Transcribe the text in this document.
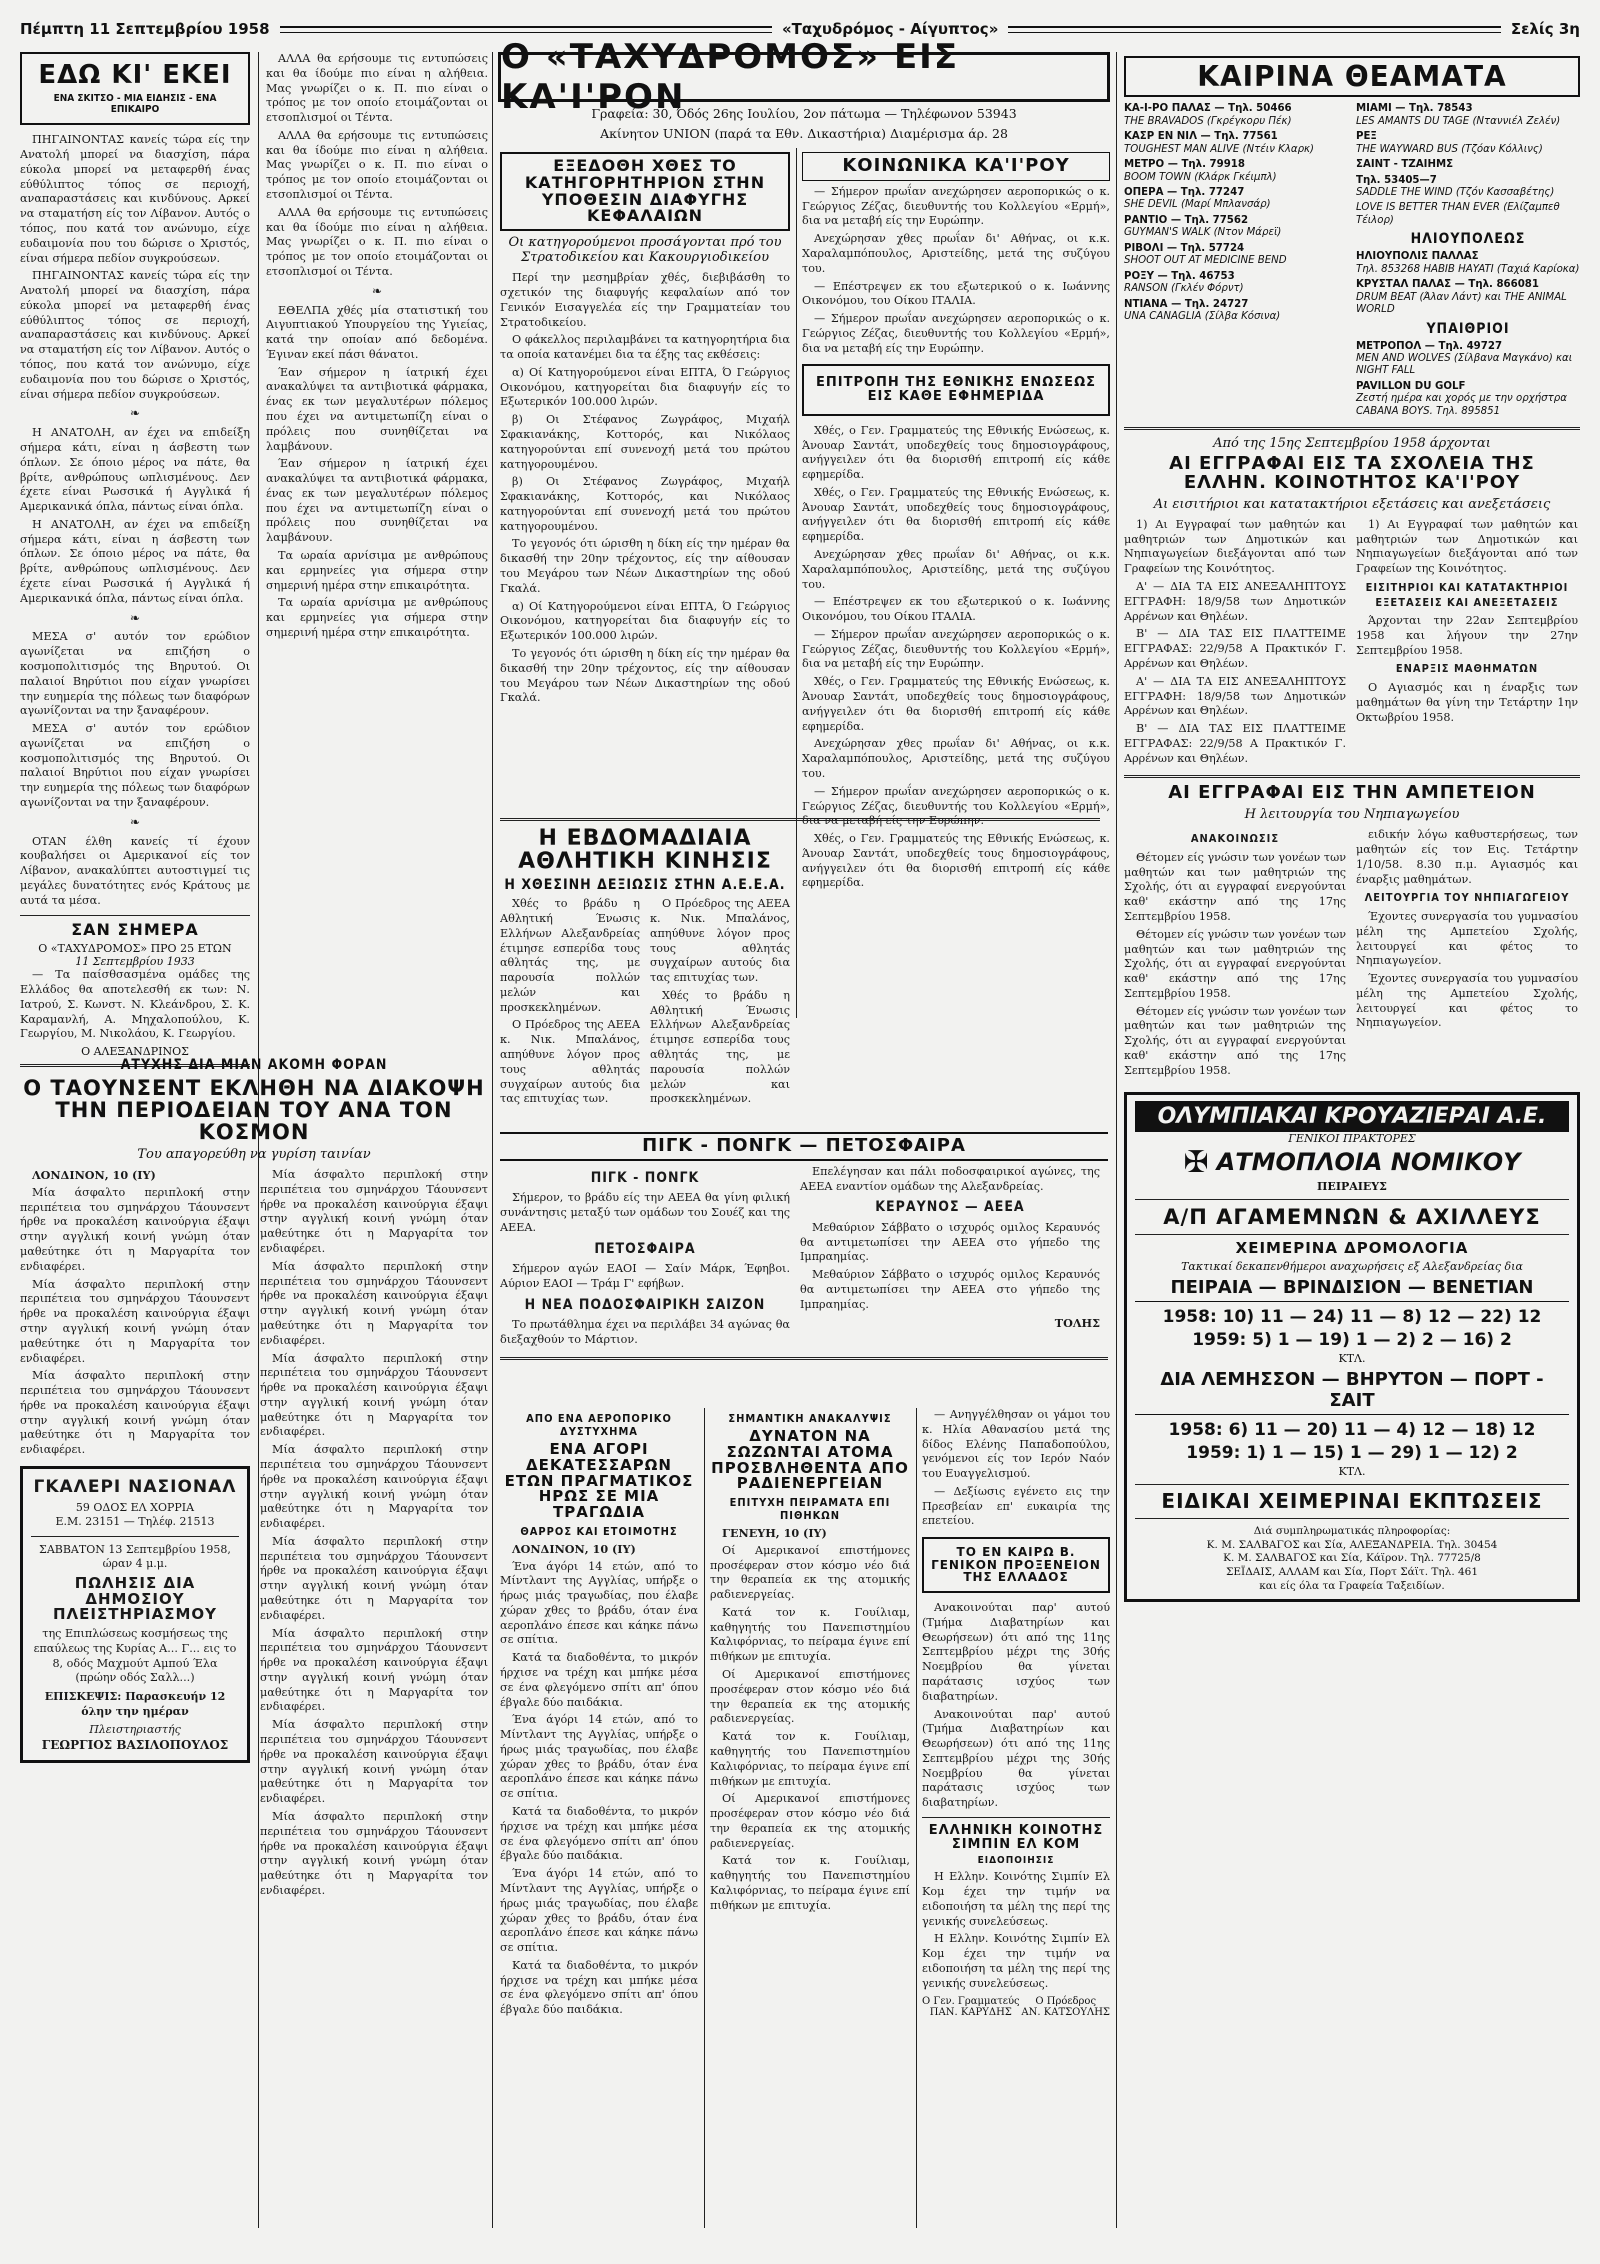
Πέμπτη 11 Σεπτεμβρίου 1958	«Ταχυδρόμος - Αίγυπτος»	Σελίς 3η
ΕΔΩ ΚΙ' ΕΚΕΙ
ΕΝΑ ΣΚΙΤΣΟ - ΜΙΑ ΕΙΔΗΣΙΣ - ΕΝΑ ΕΠΙΚΑΙΡΟ

ΠΗΓΑΙΝΟΝΤΑΣ κανείς τώρα είς την Ανατολή μπορεί να διασχίση, πάρα εύκολα μπορεί να μεταφερθή ένας εύθύλιπτος τόπος σε περιοχή, αναπαραστάσεις και κινδύνους. Αρκεί να σταματήση είς τον Λίβανον. Αυτός ο τόπος, που κατά τον ανώνυμο, είχε ευδαιμονία που του δώρισε ο Χριστός, είναι σήμερα πεδίον συγκρούσεων.

ΠΗΓΑΙΝΟΝΤΑΣ κανείς τώρα είς την Ανατολή μπορεί να διασχίση, πάρα εύκολα μπορεί να μεταφερθή ένας εύθύλιπτος τόπος σε περιοχή, αναπαραστάσεις και κινδύνους. Αρκεί να σταματήση είς τον Λίβανον. Αυτός ο τόπος, που κατά τον ανώνυμο, είχε ευδαιμονία που του δώρισε ο Χριστός, είναι σήμερα πεδίον συγκρούσεων.

❧

Η ΑΝΑΤΟΛΗ, αν έχει να επιδείξη σήμερα κάτι, είναι η άσβεστη των όπλων. Σε όποιο μέρος να πάτε, θα βρίτε, ανθρώπους ωπλισμένους. Δεν έχετε είναι Ρωσσικά ή Αγγλικά ή Αμερικανικά όπλα, πάντως είναι όπλα.

Η ΑΝΑΤΟΛΗ, αν έχει να επιδείξη σήμερα κάτι, είναι η άσβεστη των όπλων. Σε όποιο μέρος να πάτε, θα βρίτε, ανθρώπους ωπλισμένους. Δεν έχετε είναι Ρωσσικά ή Αγγλικά ή Αμερικανικά όπλα, πάντως είναι όπλα.

❧

ΜΕΣΑ σ' αυτόν τον ερώδιον αγωνίζεται να επιζήση ο κοσμοπολιτισμός της Βηρυτού. Οι παλαιοί Βηρύτιοι που είχαν γνωρίσει την ευημερία της πόλεως των διαφόρων αγωνίζονται να την ξαναφέρουν.

ΜΕΣΑ σ' αυτόν τον ερώδιον αγωνίζεται να επιζήση ο κοσμοπολιτισμός της Βηρυτού. Οι παλαιοί Βηρύτιοι που είχαν γνωρίσει την ευημερία της πόλεως των διαφόρων αγωνίζονται να την ξαναφέρουν.

❧

ΟΤΑΝ έλθη κανείς τί έχουν κουβαλήσει οι Αμερικανοί είς τον Λίβανον, ανακαλύπτει αυτοστιγμεί τις μεγάλες δυνατότητες ενός Κράτους με αυτά τα μέσα.

ΣΑΝ ΣΗΜΕΡΑ
Ο «ΤΑΧΥΔΡΟΜΟΣ» ΠΡΟ 25 ΕΤΩΝ
11 Σεπτεμβρίου 1933

— Τα παίσθσασμένα ομάδες της Ελλάδος θα αποτελεσθή εκ των: Ν. Ιατρού, Σ. Κωνστ. Ν. Κλεάνδρου, Σ. Κ. Καραμανλή, Α. Μηχαλοπούλου, Κ. Γεωργίου, Μ. Νικολάου, Κ. Γεωργίου.

Ο ΑΛΕΞΑΝΔΡΙΝΟΣ

ΑΛΛΑ θα ερήσουμε τις εντυπώσεις και θα ίδούμε πιο είναι η αλήθεια. Μας γνωρίζει ο κ. Π. πιο είναι ο τρόπος με τον οποίο ετοιμάζονται οι ετσοπλισμοί οι Τέντα.

ΑΛΛΑ θα ερήσουμε τις εντυπώσεις και θα ίδούμε πιο είναι η αλήθεια. Μας γνωρίζει ο κ. Π. πιο είναι ο τρόπος με τον οποίο ετοιμάζονται οι ετσοπλισμοί οι Τέντα.

ΑΛΛΑ θα ερήσουμε τις εντυπώσεις και θα ίδούμε πιο είναι η αλήθεια. Μας γνωρίζει ο κ. Π. πιο είναι ο τρόπος με τον οποίο ετοιμάζονται οι ετσοπλισμοί οι Τέντα.

❧

ΕΘΕΛΠΑ χθές μία στατιστική του Αιγυπτιακού Υπουργείου της Υγιείας, κατά την οποίαν από δεδομένα. Έγιναν εκεί πάσι θάνατοι.

Έαν σήμερον η ίατρική έχει ανακαλύψει τα αντιβιοτικά φάρμακα, ένας εκ των μεγαλυτέρων πόλεμος που έχει να αντιμετωπίζη είναι ο πρόλεις που συνηθίζεται να λαμβάνουν.

Έαν σήμερον η ίατρική έχει ανακαλύψει τα αντιβιοτικά φάρμακα, ένας εκ των μεγαλυτέρων πόλεμος που έχει να αντιμετωπίζη είναι ο πρόλεις που συνηθίζεται να λαμβάνουν.

Τα ωραία αρνίσιμα με ανθρώπους και ερμηνείες για σήμερα στην σημερινή ημέρα στην επικαιρότητα.

Τα ωραία αρνίσιμα με ανθρώπους και ερμηνείες για σήμερα στην σημερινή ημέρα στην επικαιρότητα.

ΑΤΥΧΗΣ ΔΙΑ ΜΙΑΝ ΑΚΟΜΗ ΦΟΡΑΝ
Ο ΤΑΟΥΝΣΕΝΤ ΕΚΛΗΘΗ ΝΑ ΔΙΑΚΟΨΗ ΤΗΝ ΠΕΡΙΟΔΕΙΑΝ ΤΟΥ ΑΝΑ ΤΟΝ ΚΟΣΜΟΝ
Του απαγορεύθη να γυρίση ταινίαν

ΛΟΝΔΙΝΟΝ, 10 (ΙΥ)

Μία άσφαλτο περιπλοκή στην περιπέτεια του σμηνάρχου Τάουνσεντ ήρθε να προκαλέση καινούργια έξαψι στην αγγλική κοινή γνώμη όταν μαθεύτηκε ότι η Μαργαρίτα τον ενδιαφέρει.

Μία άσφαλτο περιπλοκή στην περιπέτεια του σμηνάρχου Τάουνσεντ ήρθε να προκαλέση καινούργια έξαψι στην αγγλική κοινή γνώμη όταν μαθεύτηκε ότι η Μαργαρίτα τον ενδιαφέρει.

Μία άσφαλτο περιπλοκή στην περιπέτεια του σμηνάρχου Τάουνσεντ ήρθε να προκαλέση καινούργια έξαψι στην αγγλική κοινή γνώμη όταν μαθεύτηκε ότι η Μαργαρίτα τον ενδιαφέρει.

ΓΚΑΛΕΡΙ ΝΑΣΙΟΝΑΛ
59 ΟΔΟΣ ΕΛ ΧΟΡΡΙΑ
Ε.Μ. 23151 — Τηλέφ. 21513
ΣΑΒΒΑΤΟΝ 13 Σεπτεμβρίου 1958, ώραν 4 μ.μ.
ΠΩΛΗΣΙΣ ΔΙΑ ΔΗΜΟΣΙΟΥ ΠΛΕΙΣΤΗΡΙΑΣΜΟΥ
της Επιπλώσεως κοσμήσεως της επαύλεως της Κυρίας Α... Γ... εις το 8, οδός Μαχμούτ Αμπού Έλα (πρώην οδός Σαλλ...)
ΕΠΙΣΚΕΨΙΣ: Παρασκευήν 12 όλην την ημέραν
Πλειστηριαστής
ΓΕΩΡΓΙΟΣ ΒΑΣΙΛΟΠΟΥΛΟΣ

Μία άσφαλτο περιπλοκή στην περιπέτεια του σμηνάρχου Τάουνσεντ ήρθε να προκαλέση καινούργια έξαψι στην αγγλική κοινή γνώμη όταν μαθεύτηκε ότι η Μαργαρίτα τον ενδιαφέρει.

Μία άσφαλτο περιπλοκή στην περιπέτεια του σμηνάρχου Τάουνσεντ ήρθε να προκαλέση καινούργια έξαψι στην αγγλική κοινή γνώμη όταν μαθεύτηκε ότι η Μαργαρίτα τον ενδιαφέρει.

Μία άσφαλτο περιπλοκή στην περιπέτεια του σμηνάρχου Τάουνσεντ ήρθε να προκαλέση καινούργια έξαψι στην αγγλική κοινή γνώμη όταν μαθεύτηκε ότι η Μαργαρίτα τον ενδιαφέρει.

Μία άσφαλτο περιπλοκή στην περιπέτεια του σμηνάρχου Τάουνσεντ ήρθε να προκαλέση καινούργια έξαψι στην αγγλική κοινή γνώμη όταν μαθεύτηκε ότι η Μαργαρίτα τον ενδιαφέρει.

Μία άσφαλτο περιπλοκή στην περιπέτεια του σμηνάρχου Τάουνσεντ ήρθε να προκαλέση καινούργια έξαψι στην αγγλική κοινή γνώμη όταν μαθεύτηκε ότι η Μαργαρίτα τον ενδιαφέρει.

Μία άσφαλτο περιπλοκή στην περιπέτεια του σμηνάρχου Τάουνσεντ ήρθε να προκαλέση καινούργια έξαψι στην αγγλική κοινή γνώμη όταν μαθεύτηκε ότι η Μαργαρίτα τον ενδιαφέρει.

Μία άσφαλτο περιπλοκή στην περιπέτεια του σμηνάρχου Τάουνσεντ ήρθε να προκαλέση καινούργια έξαψι στην αγγλική κοινή γνώμη όταν μαθεύτηκε ότι η Μαργαρίτα τον ενδιαφέρει.

Μία άσφαλτο περιπλοκή στην περιπέτεια του σμηνάρχου Τάουνσεντ ήρθε να προκαλέση καινούργια έξαψι στην αγγλική κοινή γνώμη όταν μαθεύτηκε ότι η Μαργαρίτα τον ενδιαφέρει.

Ο «ΤΑΧΥΔΡΟΜΟΣ» ΕΙΣ ΚΑ'Ι'ΡΟΝ
Γραφεία: 30, Όδός 26ης Ιουλίου, 2ον πάτωμα — Τηλέφωνον 53943
Ακίνητον UNION (παρά τα Εθν. Δικαστήρια) Διαμέρισμα άρ. 28
ΕΞΕΔΟΘΗ ΧΘΕΣ ΤΟ ΚΑΤΗΓΟΡΗΤΗΡΙΟΝ ΣΤΗΝ ΥΠΟΘΕΣΙΝ ΔΙΑΦΥΓΗΣ ΚΕΦΑΛΑΙΩΝ
Οι κατηγορούμενοι προσάγονται πρό του Στρατοδικείου και Κακουργιοδικείου

Περί την μεσημβρίαν χθές, διεβιβάσθη το σχετικόν της διαφυγής κεφαλαίων από τον Γενικόν Εισαγγελέα είς την Γραμματείαν του Στρατοδικείου.

Ο φάκελλος περιλαμβάνει τα κατηγορητήρια δια τα οποία κατανέμει δια τα έξης τας εκθέσεις:

α) Οί Κατηγορούμενοι είναι ΕΠΤΑ, Ό Γεώργιος Οικονόμου, κατηγορείται δια διαφυγήν είς το Εξωτερικόν 100.000 λιρών.

β) Οι Στέφανος Ζωγράφος, Μιχαήλ Σφακιανάκης, Κοττορός, και Νικόλαος κατηγορούνται επί συνενοχή μετά του πρώτου κατηγορουμένου.

β) Οι Στέφανος Ζωγράφος, Μιχαήλ Σφακιανάκης, Κοττορός, και Νικόλαος κατηγορούνται επί συνενοχή μετά του πρώτου κατηγορουμένου.

Το γεγονός ότι ώρισθη η δίκη είς την ημέραν θα δικασθή την 20ην τρέχοντος, είς την αίθουσαν του Μεγάρου των Νέων Δικαστηρίων της οδού Γκαλά.

α) Οί Κατηγορούμενοι είναι ΕΠΤΑ, Ό Γεώργιος Οικονόμου, κατηγορείται δια διαφυγήν είς το Εξωτερικόν 100.000 λιρών.

Το γεγονός ότι ώρισθη η δίκη είς την ημέραν θα δικασθή την 20ην τρέχοντος, είς την αίθουσαν του Μεγάρου των Νέων Δικαστηρίων της οδού Γκαλά.

ΚΟΙΝΩΝΙΚΑ ΚΑ'Ι'ΡΟΥ

— Σήμερον πρωΐαν ανεχώρησεν αεροπορικώς ο κ. Γεώργιος Ζέζας, διευθυντής του Κολλεγίου «Ερμή», δια να μεταβή είς την Ευρώπην.

Ανεχώρησαν χθες πρωΐαν δι' Αθήνας, οι κ.κ. Χαραλαμπόπουλος, Αριστείδης, μετά της συζύγου του.

— Επέστρεψεν εκ του εξωτερικού ο κ. Ιωάννης Οικονόμου, του Οίκου ΙΤΑΛΙΑ.

— Σήμερον πρωΐαν ανεχώρησεν αεροπορικώς ο κ. Γεώργιος Ζέζας, διευθυντής του Κολλεγίου «Ερμή», δια να μεταβή είς την Ευρώπην.

ΕΠΙΤΡΟΠΗ ΤΗΣ ΕΘΝΙΚΗΣ ΕΝΩΣΕΩΣ ΕΙΣ ΚΑΘΕ ΕΦΗΜΕΡΙΔΑ

Χθές, ο Γεν. Γραμματεύς της Εθνικής Ενώσεως, κ. Άνουαρ Σαντάτ, υποδεχθείς τους δημοσιογράφους, ανήγγειλεν ότι θα διορισθή επιτροπή είς κάθε εφημερίδα.

Χθές, ο Γεν. Γραμματεύς της Εθνικής Ενώσεως, κ. Άνουαρ Σαντάτ, υποδεχθείς τους δημοσιογράφους, ανήγγειλεν ότι θα διορισθή επιτροπή είς κάθε εφημερίδα.

Ανεχώρησαν χθες πρωΐαν δι' Αθήνας, οι κ.κ. Χαραλαμπόπουλος, Αριστείδης, μετά της συζύγου του.

— Επέστρεψεν εκ του εξωτερικού ο κ. Ιωάννης Οικονόμου, του Οίκου ΙΤΑΛΙΑ.

— Σήμερον πρωΐαν ανεχώρησεν αεροπορικώς ο κ. Γεώργιος Ζέζας, διευθυντής του Κολλεγίου «Ερμή», δια να μεταβή είς την Ευρώπην.

Χθές, ο Γεν. Γραμματεύς της Εθνικής Ενώσεως, κ. Άνουαρ Σαντάτ, υποδεχθείς τους δημοσιογράφους, ανήγγειλεν ότι θα διορισθή επιτροπή είς κάθε εφημερίδα.

Ανεχώρησαν χθες πρωΐαν δι' Αθήνας, οι κ.κ. Χαραλαμπόπουλος, Αριστείδης, μετά της συζύγου του.

— Σήμερον πρωΐαν ανεχώρησεν αεροπορικώς ο κ. Γεώργιος Ζέζας, διευθυντής του Κολλεγίου «Ερμή», δια να μεταβή είς την Ευρώπην.

Χθές, ο Γεν. Γραμματεύς της Εθνικής Ενώσεως, κ. Άνουαρ Σαντάτ, υποδεχθείς τους δημοσιογράφους, ανήγγειλεν ότι θα διορισθή επιτροπή είς κάθε εφημερίδα.

Η ΕΒΔΟΜΑΔΙΑΙΑ ΑΘΛΗΤΙΚΗ ΚΙΝΗΣΙΣ
Η ΧΘΕΣΙΝΗ ΔΕΞΙΩΣΙΣ ΣΤΗΝ Α.Ε.Ε.Α.

Χθές το βράδυ η Αθλητική Ένωσις Ελλήνων Αλεξανδρείας έτιμησε εσπερίδα τους αθλητάς της, με παρουσία πολλών μελών και προσκεκλημένων.

Ο Πρόεδρος της ΑΕΕΑ κ. Νικ. Μπαλάνος, απηύθυνε λόγον προς τους αθλητάς συγχαίρων αυτούς δια τας επιτυχίας των.

Ο Πρόεδρος της ΑΕΕΑ κ. Νικ. Μπαλάνος, απηύθυνε λόγον προς τους αθλητάς συγχαίρων αυτούς δια τας επιτυχίας των.

Χθές το βράδυ η Αθλητική Ένωσις Ελλήνων Αλεξανδρείας έτιμησε εσπερίδα τους αθλητάς της, με παρουσία πολλών μελών και προσκεκλημένων.

ΠΙΓΚ - ΠΟΝΓΚ — ΠΕΤΟΣΦΑΙΡΑ
ΠΙΓΚ - ΠΟΝΓΚ

Σήμερον, το βράδυ είς την ΑΕΕΑ θα γίνη φιλική συνάντησις μεταξύ των ομάδων του Σουέζ και της ΑΕΕΑ.

ΠΕΤΟΣΦΑΙΡΑ

Σήμερον αγών ΕΑΟΙ — Σαίν Μάρκ, Έφηβοι. Αύριον ΕΑΟΙ — Τράμ Γ' εφήβων.

Η ΝΕΑ ΠΟΔΟΣΦΑΙΡΙΚΗ ΣΑΙΖΟΝ

Το πρωτάθλημα έχει να περιλάβει 34 αγώνας θα διεξαχθούν το Μάρτιον.

Επελέγησαν και πάλι ποδοσφαιρικοί αγώνες, της ΑΕΕΑ εναντίον ομάδων της Αλεξανδρείας.

ΚΕΡΑΥΝΟΣ — ΑΕΕΑ

Μεθαύριον Σάββατο ο ισχυρός ομιλος Κεραυνός θα αντιμετωπίσει την ΑΕΕΑ στο γήπεδο της Ιμπραημίας.

Μεθαύριον Σάββατο ο ισχυρός ομιλος Κεραυνός θα αντιμετωπίσει την ΑΕΕΑ στο γήπεδο της Ιμπραημίας.

ΤΟΛΗΣ

ΑΠΟ ΕΝΑ ΑΕΡΟΠΟΡΙΚΟ ΔΥΣΤΥΧΗΜΑ
ΕΝΑ ΑΓΟΡΙ ΔΕΚΑΤΕΣΣΑΡΩΝ ΕΤΩΝ ΠΡΑΓΜΑΤΙΚΟΣ ΗΡΩΣ ΣΕ ΜΙΑ ΤΡΑΓΩΔΙΑ
ΘΑΡΡΟΣ ΚΑΙ ΕΤΟΙΜΟΤΗΣ

ΛΟΝΔΙΝΟΝ, 10 (ΙΥ)

Ένα άγόρι 14 ετών, από το Μίντλαντ της Αγγλίας, υπήρξε ο ήρως μιάς τραγωδίας, που έλαβε χώραν χθες το βράδυ, όταν ένα αεροπλάνο έπεσε και κάηκε πάνω σε σπίτια.

Κατά τα διαδοθέντα, το μικρόν ήρχισε να τρέχη και μπήκε μέσα σε ένα φλεγόμενο σπίτι απ' όπου έβγαλε δύο παιδάκια.

Ένα άγόρι 14 ετών, από το Μίντλαντ της Αγγλίας, υπήρξε ο ήρως μιάς τραγωδίας, που έλαβε χώραν χθες το βράδυ, όταν ένα αεροπλάνο έπεσε και κάηκε πάνω σε σπίτια.

Κατά τα διαδοθέντα, το μικρόν ήρχισε να τρέχη και μπήκε μέσα σε ένα φλεγόμενο σπίτι απ' όπου έβγαλε δύο παιδάκια.

Ένα άγόρι 14 ετών, από το Μίντλαντ της Αγγλίας, υπήρξε ο ήρως μιάς τραγωδίας, που έλαβε χώραν χθες το βράδυ, όταν ένα αεροπλάνο έπεσε και κάηκε πάνω σε σπίτια.

Κατά τα διαδοθέντα, το μικρόν ήρχισε να τρέχη και μπήκε μέσα σε ένα φλεγόμενο σπίτι απ' όπου έβγαλε δύο παιδάκια.

ΣΗΜΑΝΤΙΚΗ ΑΝΑΚΑΛΥΨΙΣ
ΔΥΝΑΤΟΝ ΝΑ ΣΩΖΩΝΤΑΙ ΑΤΟΜΑ ΠΡΟΣΒΛΗΘΕΝΤΑ ΑΠΟ ΡΑΔΙΕΝΕΡΓΕΙΑΝ
ΕΠΙΤΥΧΗ ΠΕΙΡΑΜΑΤΑ ΕΠΙ ΠΙΘΗΚΩΝ

ΓΕΝΕΥΗ, 10 (ΙΥ)

Οί Αμερικανοί επιστήμονες προσέφεραν στον κόσμο νέο διά την θεραπεία εκ της ατομικής ραδιενεργείας.

Κατά τον κ. Γουίλιαμ, καθηγητής του Πανεπιστημίου Καλιφόρνιας, το πείραμα έγινε επί πιθήκων με επιτυχία.

Οί Αμερικανοί επιστήμονες προσέφεραν στον κόσμο νέο διά την θεραπεία εκ της ατομικής ραδιενεργείας.

Κατά τον κ. Γουίλιαμ, καθηγητής του Πανεπιστημίου Καλιφόρνιας, το πείραμα έγινε επί πιθήκων με επιτυχία.

Οί Αμερικανοί επιστήμονες προσέφεραν στον κόσμο νέο διά την θεραπεία εκ της ατομικής ραδιενεργείας.

Κατά τον κ. Γουίλιαμ, καθηγητής του Πανεπιστημίου Καλιφόρνιας, το πείραμα έγινε επί πιθήκων με επιτυχία.

— Ανηγγέλθησαν οι γάμοι του κ. Ηλία Αθανασίου μετά της δίδος Ελένης Παπαδοπούλου, γενόμενοι είς τον Ιερόν Ναόν του Ευαγγελισμού.

— Δεξίωσις εγένετο εις την Πρεσβείαν επ' ευκαιρία της επετείου.

ΤΟ ΕΝ ΚΑΙΡΩ Β. ΓΕΝΙΚΟΝ ΠΡΟΞΕΝΕΙΟΝ ΤΗΣ ΕΛΛΑΔΟΣ

Ανακοινούται παρ' αυτού (Τμήμα Διαβατηρίων και Θεωρήσεων) ότι από της 11ης Σεπτεμβρίου μέχρι της 30ής Νοεμβρίου θα γίνεται παράτασις ισχύος των διαβατηρίων.

Ανακοινούται παρ' αυτού (Τμήμα Διαβατηρίων και Θεωρήσεων) ότι από της 11ης Σεπτεμβρίου μέχρι της 30ής Νοεμβρίου θα γίνεται παράτασις ισχύος των διαβατηρίων.

ΕΛΛΗΝΙΚΗ ΚΟΙΝΟΤΗΣ ΣΙΜΠΙΝ ΕΛ ΚΟΜ
ΕΙΔΟΠΟΙΗΣΙΣ

Η Ελλην. Κοινότης Σιμπίν Ελ Κομ έχει την τιμήν να ειδοποιήση τα μέλη της περί της γενικής συνελεύσεως.

Η Ελλην. Κοινότης Σιμπίν Ελ Κομ έχει την τιμήν να ειδοποιήση τα μέλη της περί της γενικής συνελεύσεως.

Ο Γεν. Γραμματεύς
ΠΑΝ. ΚΑΡΥΔΗΣ
Ο Πρόεδρος
ΑΝ. ΚΑΤΣΟΥΛΗΣ
ΚΑΙΡΙΝΑ ΘΕΑΜΑΤΑ
ΚΑ-Ι-ΡΟ ΠΑΛΑΣ — Τηλ. 50466
THE BRAVADOS (Γκρέγκορυ Πέκ)
ΚΑΣΡ ΕΝ ΝΙΛ — Τηλ. 77561
TOUGHEST MAN ALIVE (Ντέιν Κλαρκ)
ΜΕΤΡΟ — Τηλ. 79918
BOOM TOWN (Κλάρκ Γκέιμπλ)
ΟΠΕΡΑ — Τηλ. 77247
SHE DEVIL (Μαρί Μπλανσάρ)
ΡΑΝΤΙΟ — Τηλ. 77562
GUYMAN'S WALK (Ντον Μάρεϊ)
ΡΙΒΟΛΙ — Τηλ. 57724
SHOOT OUT AT MEDICINE BEND
ΡΟΞΥ — Τηλ. 46753
RANSON (Γκλέν Φόρντ)
ΝΤΙΑΝΑ — Τηλ. 24727
UNA CANAGLIA (Σίλβα Κόσινα)
ΜΙΑΜΙ — Τηλ. 78543
LES AMANTS DU TAGE (Νταννιέλ Ζελέν)
ΡΕΞ
THE WAYWARD BUS (Τζόαν Κόλλινς)
ΣΑΙΝΤ - ΤΖΑΙΗΜΣ
Τηλ. 53405—7
SADDLE THE WIND (Τζόν Κασσαβέτης)
LOVE IS BETTER THAN EVER (Ελίζαμπεθ Τέιλορ)
ΗΛΙΟΥΠΟΛΕΩΣ
ΗΛΙΟΥΠΟΛΙΣ ΠΑΛΛΑΣ
Τηλ. 853268 HABIB HAYATI (Ταχιά Καρίοκα)
ΚΡΥΣΤΑΛ ΠΑΛΑΣ — Τηλ. 866081
DRUM BEAT (Άλαν Λάντ) και THE ANIMAL WORLD
ΥΠΑΙΘΡΙΟΙ
ΜΕΤΡΟΠΟΛ — Τηλ. 49727
MEN AND WOLVES (Σίλβανα Μαγκάνο) και NIGHT FALL
PAVILLON DU GOLF
Ζεστή ημέρα και χορός με την ορχήστρα CABANA BOYS. Τηλ. 895851
Από της 15ης Σεπτεμβρίου 1958 άρχονται
ΑΙ ΕΓΓΡΑΦΑΙ ΕΙΣ ΤΑ ΣΧΟΛΕΙΑ ΤΗΣ ΕΛΛΗΝ. ΚΟΙΝΟΤΗΤΟΣ ΚΑ'Ι'ΡΟΥ
Αι εισιτήριοι και κατατακτήριοι εξετάσεις και ανεξετάσεις

1) Αι Εγγραφαί των μαθητών και μαθητριών των Δημοτικών και Νηπιαγωγείων διεξάγονται από των Γραφείων της Κοινότητος.

Α' — ΔΙΑ ΤΑ ΕΙΣ ΑΝΕΞΑΛΗΠΤΟΥΣ ΕΓΓΡΑΦΗ: 18/9/58 των Δημοτικών Αρρένων και Θηλέων.

Β' — ΔΙΑ ΤΑΣ ΕΙΣ ΠΛΑΤΤΕΙΜΕ ΕΓΓΡΑΦΑΣ: 22/9/58 Α Πρακτικόν Γ. Αρρένων και Θηλέων.

Α' — ΔΙΑ ΤΑ ΕΙΣ ΑΝΕΞΑΛΗΠΤΟΥΣ ΕΓΓΡΑΦΗ: 18/9/58 των Δημοτικών Αρρένων και Θηλέων.

Β' — ΔΙΑ ΤΑΣ ΕΙΣ ΠΛΑΤΤΕΙΜΕ ΕΓΓΡΑΦΑΣ: 22/9/58 Α Πρακτικόν Γ. Αρρένων και Θηλέων.

1) Αι Εγγραφαί των μαθητών και μαθητριών των Δημοτικών και Νηπιαγωγείων διεξάγονται από των Γραφείων της Κοινότητος.

ΕΙΣΙΤΗΡΙΟΙ ΚΑΙ ΚΑΤΑΤΑΚΤΗΡΙΟΙ ΕΞΕΤΑΣΕΙΣ ΚΑΙ ΑΝΕΞΕΤΑΣΕΙΣ

Άρχονται την 22αν Σεπτεμβρίου 1958 και λήγουν την 27ην Σεπτεμβρίου 1958.

ΕΝΑΡΞΙΣ ΜΑΘΗΜΑΤΩΝ

Ο Αγιασμός και η έναρξις των μαθημάτων θα γίνη την Τετάρτην 1ην Οκτωβρίου 1958.

ΑΙ ΕΓΓΡΑΦΑΙ ΕΙΣ ΤΗΝ ΑΜΠΕΤΕΙΟΝ
Η λειτουργία του Νηπιαγωγείου
ΑΝΑΚΟΙΝΩΣΙΣ

Θέτομεν είς γνώσιν των γονέων των μαθητών και των μαθητριών της Σχολής, ότι αι εγγραφαί ενεργούνται καθ' εκάστην από της 17ης Σεπτεμβρίου 1958.

Θέτομεν είς γνώσιν των γονέων των μαθητών και των μαθητριών της Σχολής, ότι αι εγγραφαί ενεργούνται καθ' εκάστην από της 17ης Σεπτεμβρίου 1958.

Θέτομεν είς γνώσιν των γονέων των μαθητών και των μαθητριών της Σχολής, ότι αι εγγραφαί ενεργούνται καθ' εκάστην από της 17ης Σεπτεμβρίου 1958.

ειδικήν λόγω καθυστερήσεως, των μαθητών είς τον Εις. Τετάρτην 1/10/58. 8.30 π.μ. Αγιασμός και έναρξις μαθημάτων.

ΛΕΙΤΟΥΡΓΙΑ ΤΟΥ ΝΗΠΙΑΓΩΓΕΙΟΥ

Έχοντες συνεργασία του γυμνασίου μέλη της Αμπετείου Σχολής, λειτουργεί και φέτος το Νηπιαγωγείον.

Έχοντες συνεργασία του γυμνασίου μέλη της Αμπετείου Σχολής, λειτουργεί και φέτος το Νηπιαγωγείον.

ΟΛΥΜΠΙΑΚΑΙ ΚΡΟΥΑΖΙΕΡΑΙ Α.Ε.
ΓΕΝΙΚΟΙ ΠΡΑΚΤΟΡΕΣ
✠ ΑΤΜΟΠΛΟΙΑ ΝΟΜΙΚΟΥ
ΠΕΙΡΑΙΕΥΣ
Α/Π ΑΓΑΜΕΜΝΩΝ & ΑΧΙΛΛΕΥΣ
ΧΕΙΜΕΡΙΝΑ ΔΡΟΜΟΛΟΓΙΑ
Τακτικαί δεκαπενθήμεροι αναχωρήσεις εξ Αλεξανδρείας δια
ΠΕΙΡΑΙΑ — ΒΡΙΝΔΙΣΙΟΝ — ΒΕΝΕΤΙΑΝ
1958: 10) 11 — 24) 11 — 8) 12 — 22) 12
1959: 5) 1 — 19) 1 — 2) 2 — 16) 2
ΚΤΛ.
ΔΙΑ ΛΕΜΗΣΣΟΝ — ΒΗΡΥΤΟΝ — ΠΟΡΤ - ΣΑΙΤ
1958: 6) 11 — 20) 11 — 4) 12 — 18) 12
1959: 1) 1 — 15) 1 — 29) 1 — 12) 2
ΚΤΛ.
ΕΙΔΙΚΑΙ ΧΕΙΜΕΡΙΝΑΙ ΕΚΠΤΩΣΕΙΣ
Διά συμπληρωματικάς πληροφορίας:
Κ. Μ. ΣΑΛΒΑΓΟΣ και Σία, ΑΛΕΞΑΝΔΡΕΙΑ. Τηλ. 30454
Κ. Μ. ΣΑΛΒΑΓΟΣ και Σία, Κάϊρον. Τηλ. 77725/8
ΣΕΪΔΑΙΣ, ΑΛΛΑΜ και Σία, Πορτ Σάϊτ. Τηλ. 461
και είς όλα τα Γραφεία Ταξειδίων.
